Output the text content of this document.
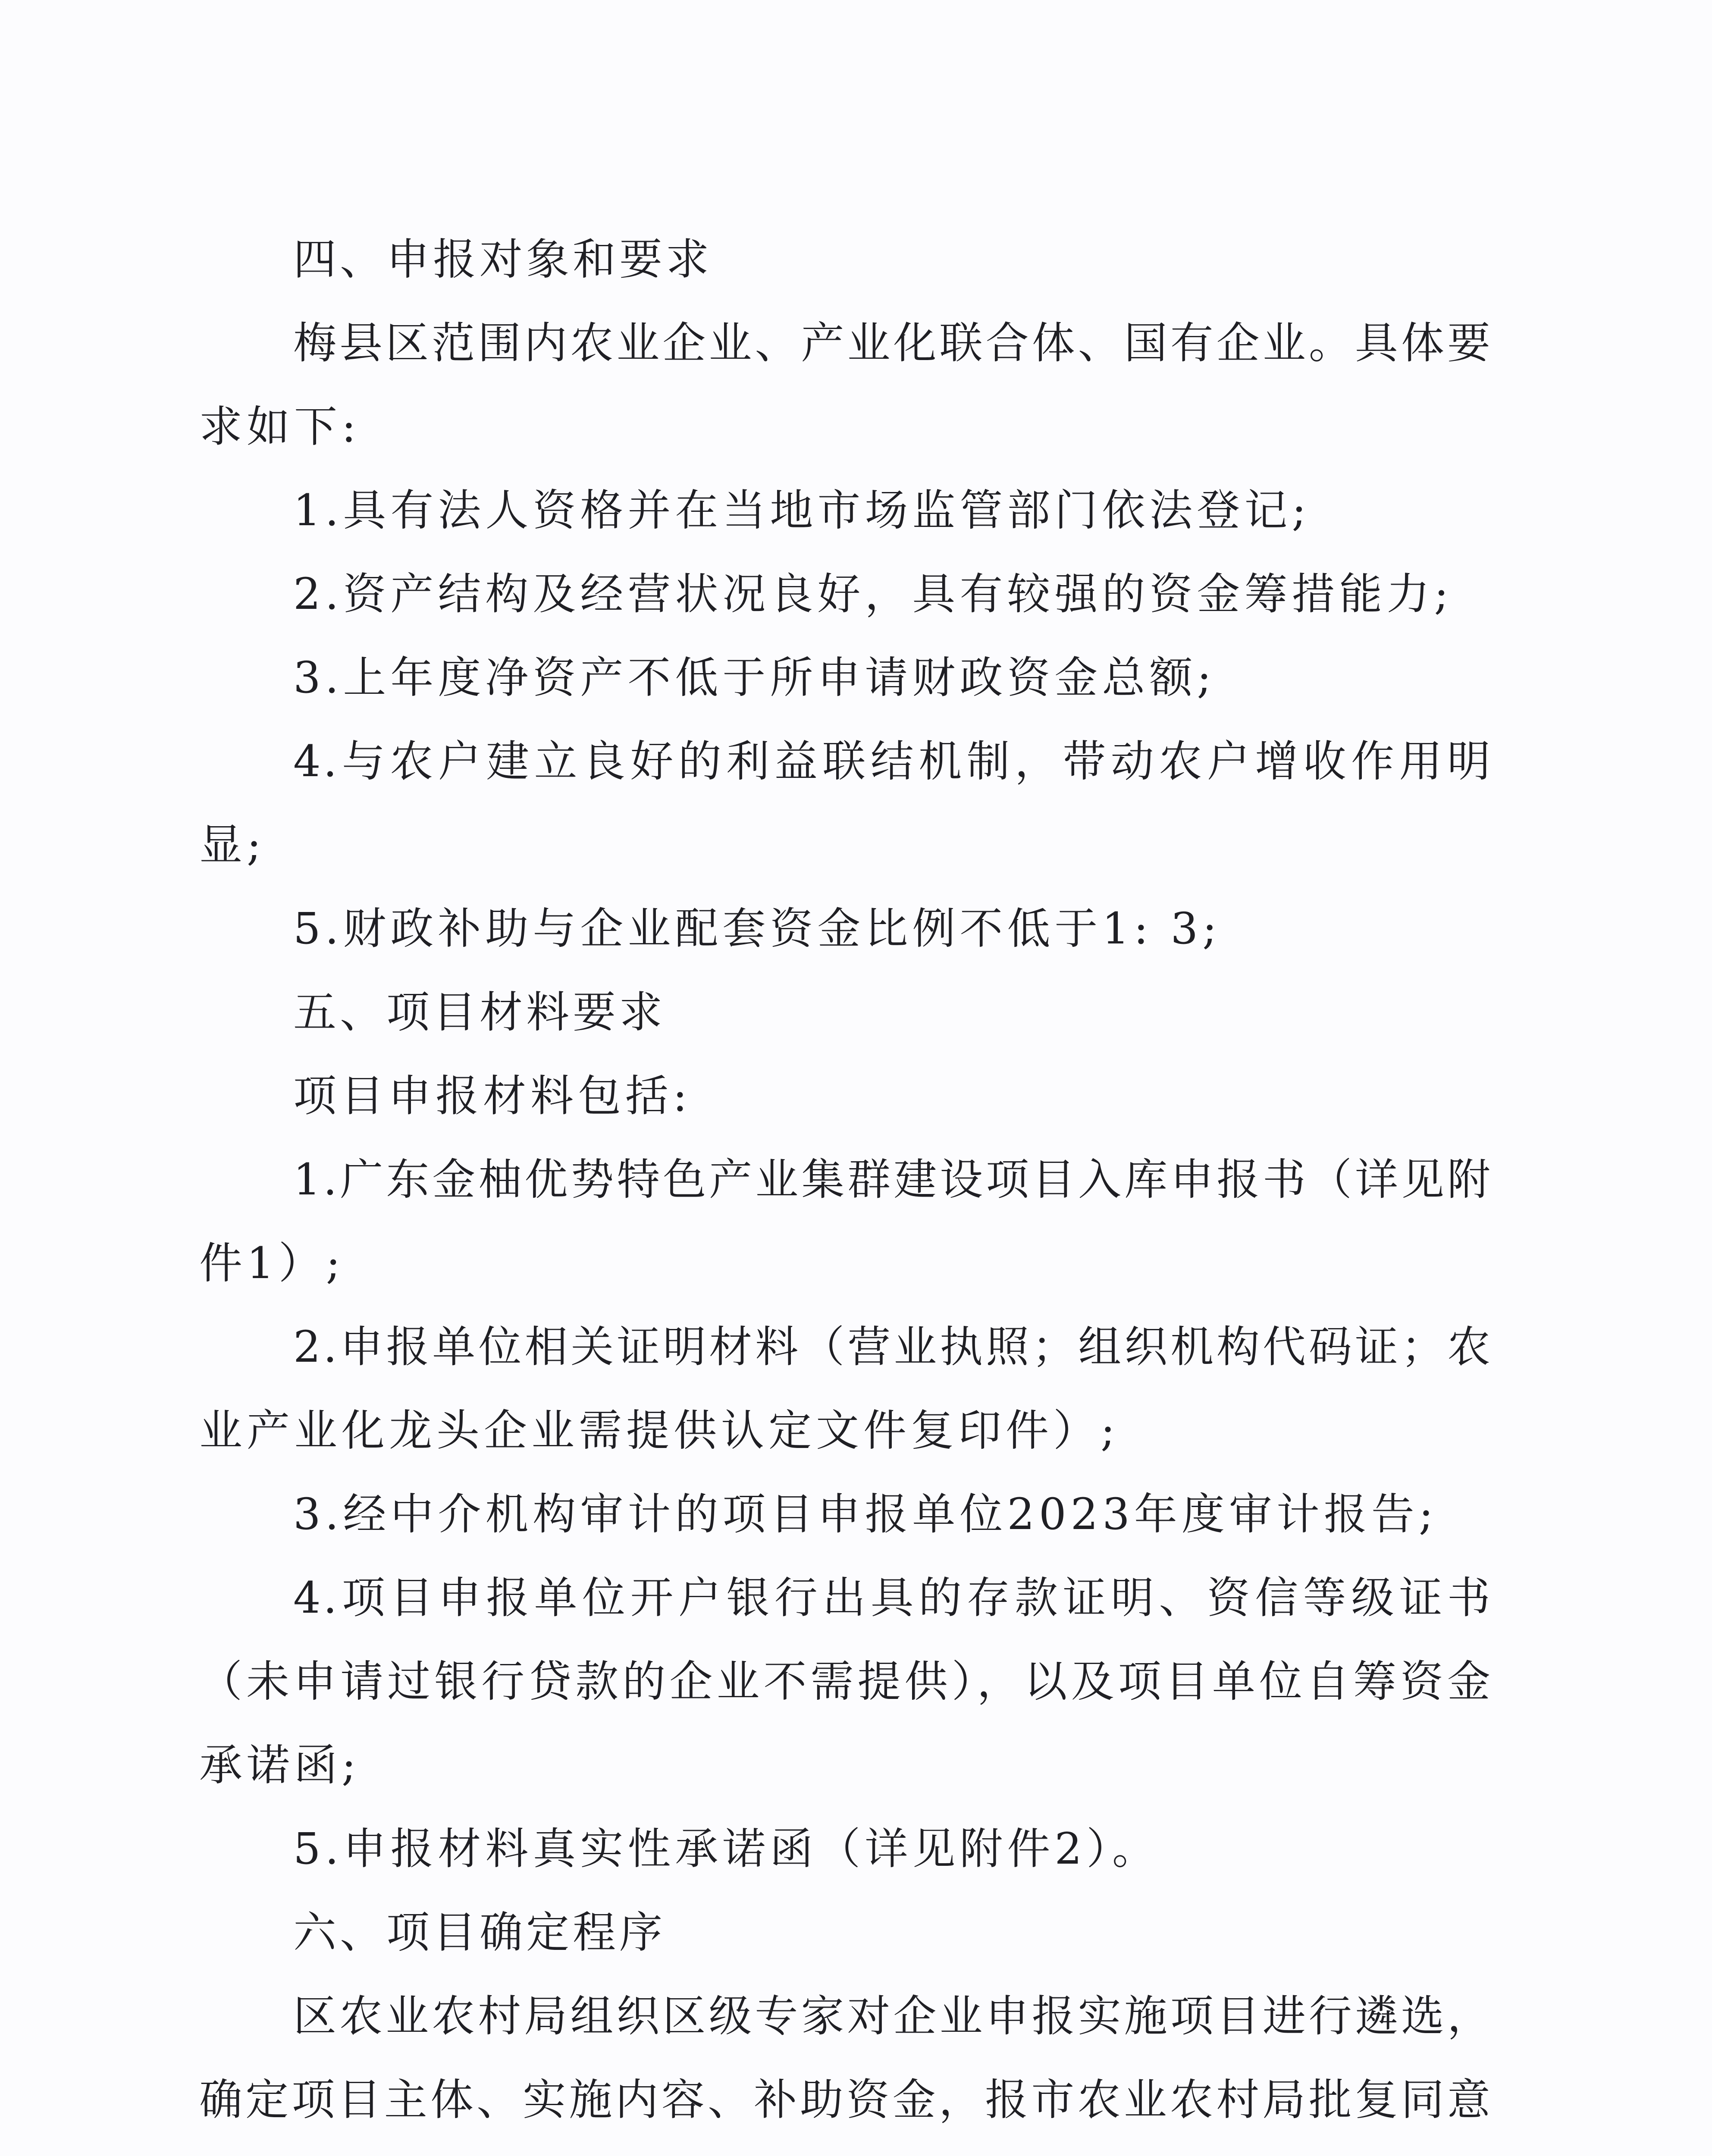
四、申报对象和要求
梅县区范围内农业企业、产业化联合体、国有企业。具体要
求如下:
1.具有法人资格并在当地市场监管部门依法登记;
2.资产结构及经营状况良好，具有较强的资金筹措能力;
3.上年度净资产不低于所申请财政资金总额;
4.与农户建立良好的利益联结机制，带动农户增收作用明
显;
5.财政补助与企业配套资金比例不低于1: 3;
五、项目材料要求
项目申报材料包括:
1.广东金柚优势特色产业集群建设项目入库申报书（详见附
件1）;
2.申报单位相关证明材料（营业执照；组织机构代码证；农
业产业化龙头企业需提供认定文件复印件）;
3.经中介机构审计的项目申报单位2023年度审计报告;
4.项目申报单位开户银行出具的存款证明、资信等级证书
（未申请过银行贷款的企业不需提供），以及项目单位自筹资金
承诺函;
5.申报材料真实性承诺函（详见附件2）。
六、项目确定程序
区农业农村局组织区级专家对企业申报实施项目进行遴选，
确定项目主体、实施内容、补助资金，报市农业农村局批复同意
